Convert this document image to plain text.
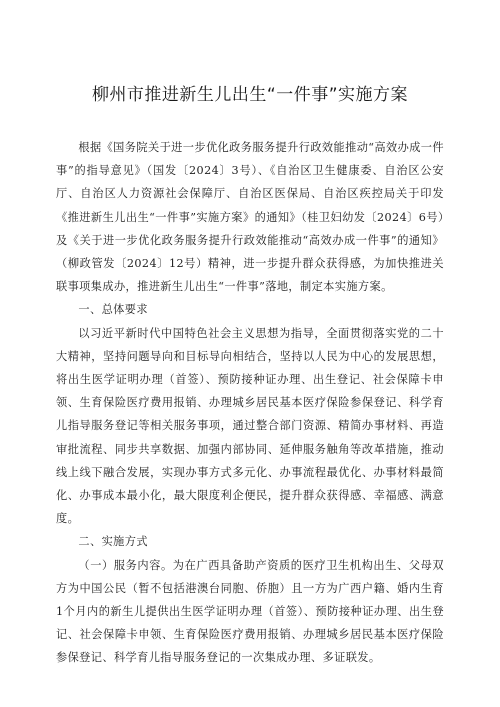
柳州市推进新生儿出生“一件事”实施方案

根据《国务院关于进一步优化政务服务提升行政效能推动“高效办成一件事”的指导意见》（国发〔2024〕3号）、《自治区卫生健康委、自治区公安厅、自治区人力资源社会保障厅、自治区医保局、自治区疾控局关于印发《推进新生儿出生“一件事”实施方案》的通知》（桂卫妇幼发〔2024〕6号）及《关于进一步优化政务服务提升行政效能推动“高效办成一件事”的通知》（柳政管发〔2024〕12号）精神，进一步提升群众获得感，为加快推进关联事项集成办，推进新生儿出生“一件事”落地，制定本实施方案。

一、总体要求

以习近平新时代中国特色社会主义思想为指导，全面贯彻落实党的二十大精神，坚持问题导向和目标导向相结合，坚持以人民为中心的发展思想，将出生医学证明办理（首签）、预防接种证办理、出生登记、社会保障卡申领、生育保险医疗费用报销、办理城乡居民基本医疗保险参保登记、科学育儿指导服务登记等相关服务事项，通过整合部门资源、精简办事材料、再造审批流程、同步共享数据、加强内部协同、延伸服务触角等改革措施，推动线上线下融合发展，实现办事方式多元化、办事流程最优化、办事材料最简化、办事成本最小化，最大限度利企便民，提升群众获得感、幸福感、满意度。

二、实施方式

（一）服务内容。为在广西具备助产资质的医疗卫生机构出生、父母双方为中国公民（暂不包括港澳台同胞、侨胞）且一方为广西户籍、婚内生育1个月内的新生儿提供出生医学证明办理（首签）、预防接种证办理、出生登记、社会保障卡申领、生育保险医疗费用报销、办理城乡居民基本医疗保险参保登记、科学育儿指导服务登记的一次集成办理、多证联发。
